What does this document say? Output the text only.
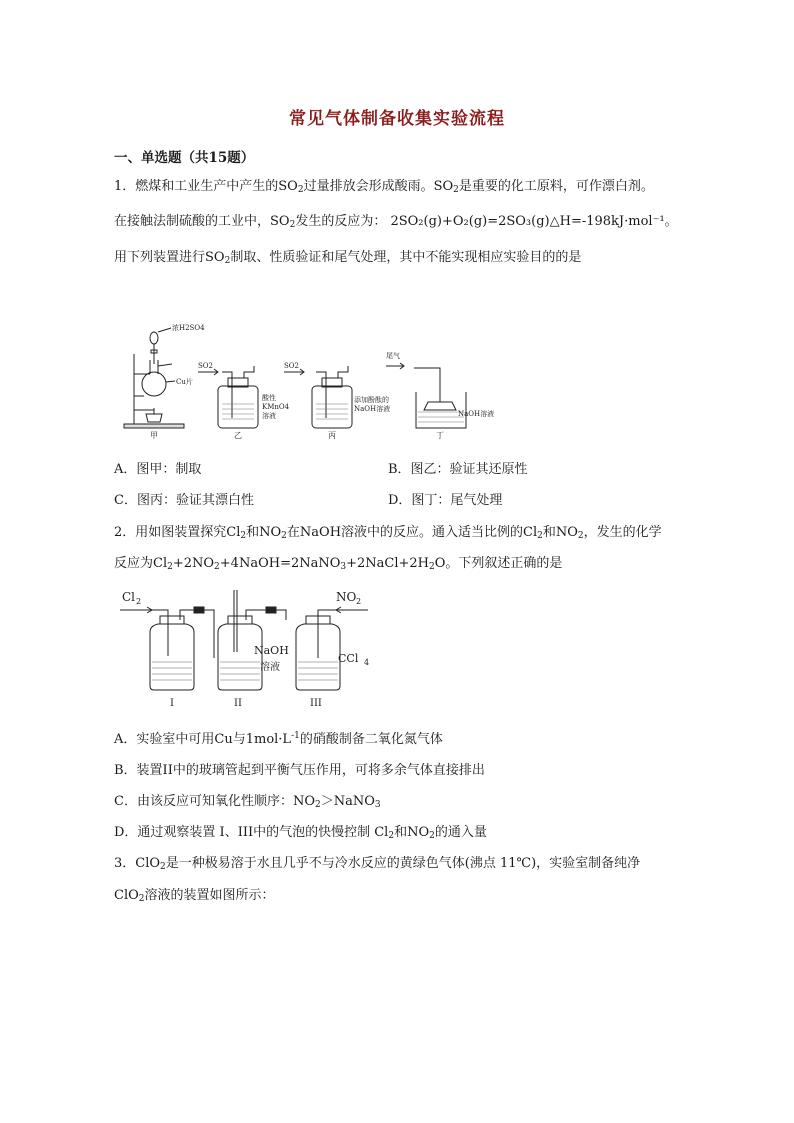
常见气体制备收集实验流程
一、单选题（共15题）
1．燃煤和工业生产中产生的$SO_2$过量排放会形成酸雨。$SO_2$是重要的化工原料，可作漂白剂。
在接触法制硫酸的工业中，$SO_2$发生的反应为： 2SO₂(g)+O₂(g)=2SO₃(g)△H=-198kJ·mol⁻¹。
用下列装置进行$SO_2$制取、性质验证和尾气处理，其中不能实现相应实验目的的是
浓H2SO4
Cu片
甲
SO2
酸性
KMnO4
溶液
乙
SO2
添加酚酞的
NaOH溶液
丙
尾气
NaOH溶液
丁
A．图甲：制取	B．图乙：验证其还原性
C．图丙：验证其漂白性	D．图丁：尾气处理
2．用如图装置探究$Cl_2$和$NO_2$在NaOH溶液中的反应。通入适当比例的$Cl_2$和$NO_2$，发生的化学
反应为$Cl_2+2NO_2+4NaOH=2NaNO_3+2NaCl+2H_2O$。下列叙述正确的是
Cl 2	NO 2
I	II	III
NaOH
溶液
CCl 4
A．实验室中可用Cu与$1mol\cdot L^{-1}$的硝酸制备二氧化氮气体
B．装置II中的玻璃管起到平衡气压作用，可将多余气体直接排出
C．由该反应可知氧化性顺序：$NO_2>NaNO_3$
D．通过观察装置 I、III中的气泡的快慢控制 $Cl_2$和$NO_2$的通入量
3．ClO$_2$是一种极易溶于水且几乎不与冷水反应的黄绿色气体(沸点 11℃)，实验室制备纯净
ClO$_2$溶液的装置如图所示：
